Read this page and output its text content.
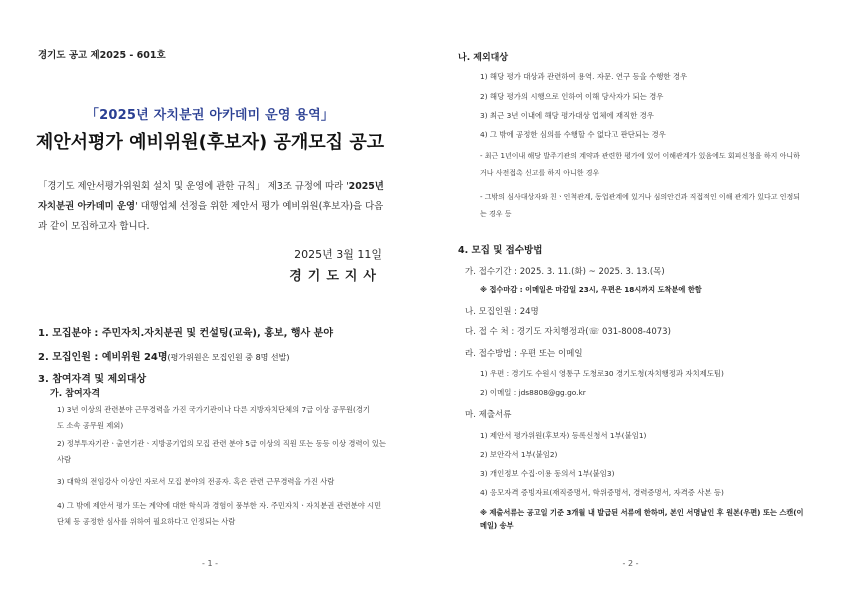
경기도 공고 제2025 - 601호
「2025년 자치분권 아카데미 운영 용역」
제안서평가 예비위원(후보자) 공개모집 공고
「경기도 제안서평가위원회 설치 및 운영에 관한 규칙」 제3조 규정에 따라 '2025년 자치분권 아카데미 운영' 대행업체 선정을 위한 제안서 평가 예비위원(후보자)을 다음과 같이 모집하고자 합니다.
2025년 3월 11일
경기도지사
1. 모집분야 : 주민자치.자치분권 및 컨설팅(교육), 홍보, 행사 분야
2. 모집인원 : 예비위원 24명(평가위원은 모집인원 중 8명 선발)
3. 참여자격 및 제외대상
가. 참여자격
1) 3년 이상의 관련분야 근무경력을 가진 국가기관이나 다른 지방자치단체의 7급 이상 공무원(경기도 소속 공무원 제외)
2) 정부투자기관ㆍ출연기관ㆍ지방공기업의 모집 관련 분야 5급 이상의 직원 또는 동등 이상 경력이 있는 사람
3) 대학의 전임강사 이상인 자로서 모집 분야의 전공자. 혹은 관련 근무경력을 가진 사람
4) 그 밖에 제안서 평가 또는 계약에 대한 학식과 경험이 풍부한 자. 주민자치ㆍ자치분권 관련분야 시민단체 등 공정한 심사를 위하여 필요하다고 인정되는 사람
- 1 -
나. 제외대상
1) 해당 평가 대상과 관련하여 용역. 자문. 연구 등을 수행한 경우
2) 해당 평가의 시행으로 인하여 이해 당사자가 되는 경우
3) 최근 3년 이내에 해당 평가대상 업체에 재직한 경우
4) 그 밖에 공정한 심의를 수행할 수 없다고 판단되는 경우
- 최근 1년이내 해당 발주기관의 계약과 관련한 평가에 있어 이해관계가 있음에도 회피신청을 하지 아니하거나 사전접촉 신고를 하지 아니한 경우
- 그밖의 심사대상자와 친ㆍ인척관계, 동업관계에 있거나 심의안건과 직접적인 이해 관계가 있다고 인정되는 경우 등
4. 모집 및 접수방법
가. 접수기간 : 2025. 3. 11.(화) ~ 2025. 3. 13.(목)
※ 접수마감 : 이메일은 마감일 23시, 우편은 18시까지 도착분에 한함
나. 모집인원 : 24명
다. 접 수 처 : 경기도 자치행정과(☏ 031-8008-4073)
라. 접수방법 : 우편 또는 이메일
1) 우편 : 경기도 수원시 영통구 도청로30 경기도청(자치행정과 자치제도팀)
2) 이메일 : jds8808@gg.go.kr
마. 제출서류
1) 제안서 평가위원(후보자) 등록신청서 1부(붙임1)
2) 보안각서 1부(붙임2)
3) 개인정보 수집·이용 동의서 1부(붙임3)
4) 응모자격 증빙자료(재직증명서, 학위증명서, 경력증명서, 자격증 사본 등)
※ 제출서류는 공고일 기준 3개월 내 발급된 서류에 한하며, 본인 서명날인 후 원본(우편) 또는 스캔(이메일) 송부
- 2 -
